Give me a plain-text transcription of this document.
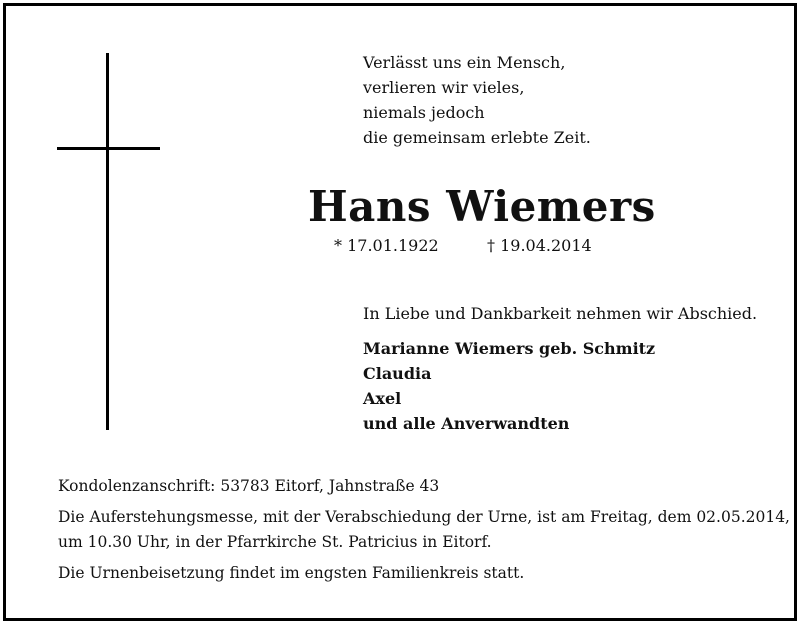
Verlässt uns ein Mensch,
verlieren wir vieles,
niemals jedoch
die gemeinsam erlebte Zeit.
Hans Wiemers
* 17.01.1922	† 19.04.2014
In Liebe und Dankbarkeit nehmen wir Abschied.
Marianne Wiemers geb. Schmitz
Claudia
Axel
und alle Anverwandten

Kondolenzanschrift: 53783 Eitorf, Jahnstraße 43

Die Auferstehungsmesse, mit der Verabschiedung der Urne, ist am Freitag, dem 02.05.2014,

um 10.30 Uhr, in der Pfarrkirche St. Patricius in Eitorf.

Die Urnenbeisetzung findet im engsten Familienkreis statt.
